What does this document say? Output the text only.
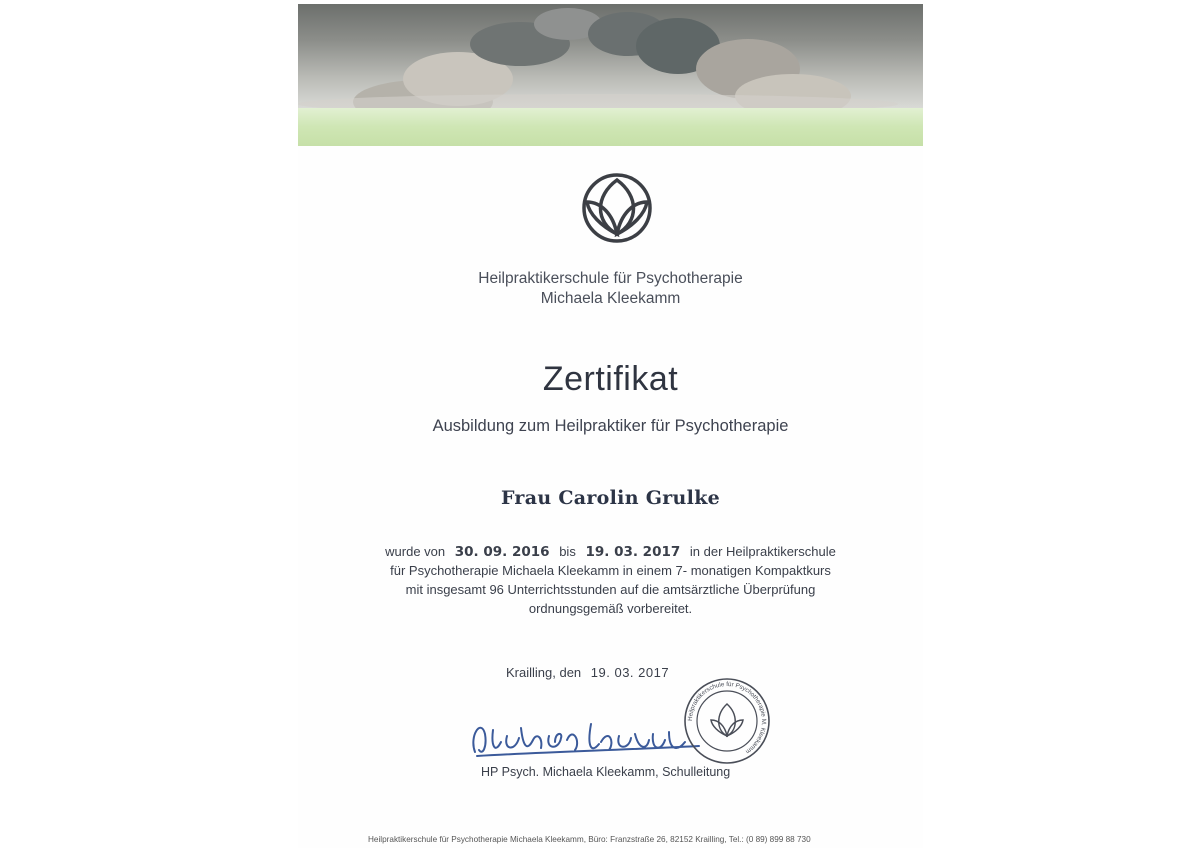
Heilpraktikerschule für Psychotherapie
Michaela Kleekamm
Zertifikat
Ausbildung zum Heilpraktiker für Psychotherapie
Frau Carolin Grulke
wurde von 30. 09. 2016 bis 19. 03. 2017 in der Heilpraktikerschule
für Psychotherapie Michaela Kleekamm in einem 7- monatigen Kompaktkurs
mit insgesamt 96 Unterrichtsstunden auf die amtsärztliche Überprüfung
ordnungsgemäß vorbereitet.
Krailling, den 19. 03. 2017
Heilpraktikerschule für Psychotherapie M. Kleekamm
HP Psych. Michaela Kleekamm, Schulleitung
Heilpraktikerschule für Psychotherapie Michaela Kleekamm, Büro: Franzstraße 26, 82152 Krailling, Tel.: (0 89) 899 88 730
